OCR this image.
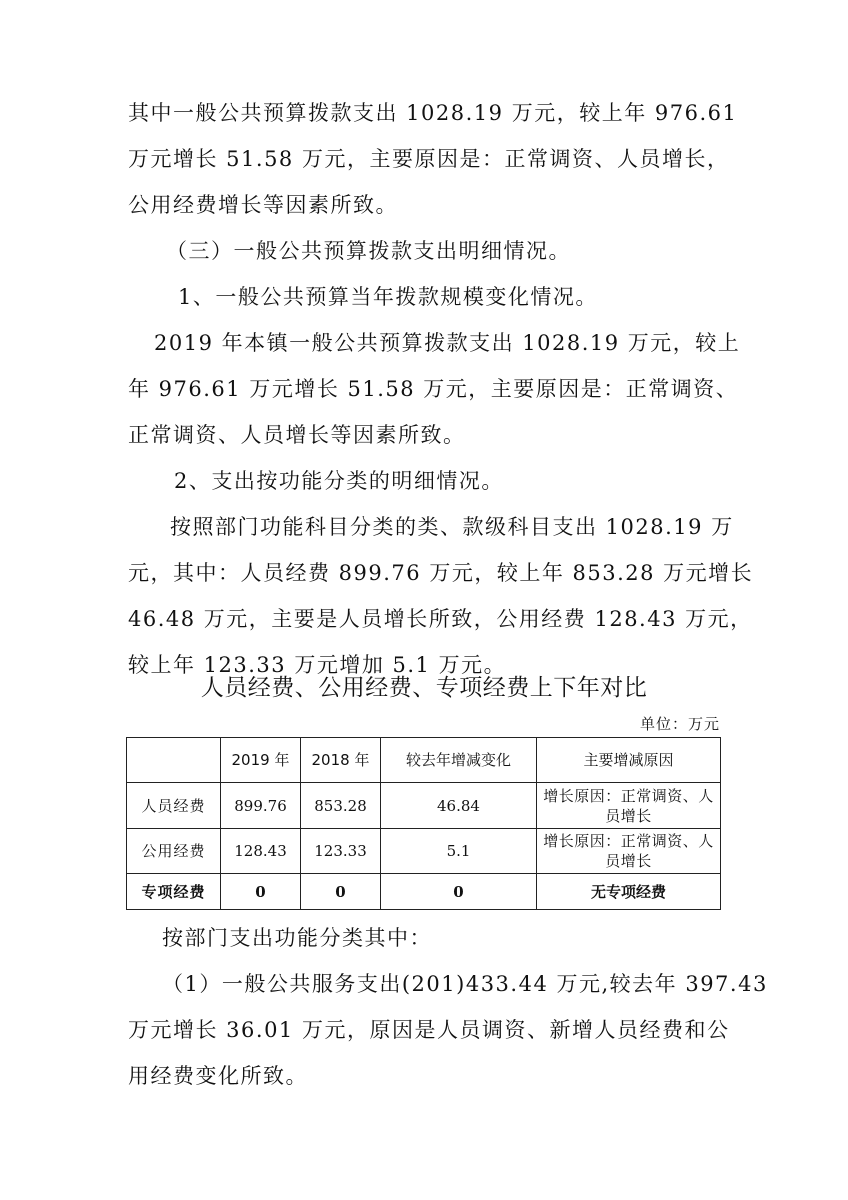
其中一般公共预算拨款支出 1028.19 万元，较上年 976.61
万元增长 51.58 万元，主要原因是：正常调资、人员增长，
公用经费增长等因素所致。
（三）一般公共预算拨款支出明细情况。
1、一般公共预算当年拨款规模变化情况。
2019 年本镇一般公共预算拨款支出 1028.19 万元，较上
年 976.61 万元增长 51.58 万元，主要原因是：正常调资、
正常调资、人员增长等因素所致。
2、支出按功能分类的明细情况。
按照部门功能科目分类的类、款级科目支出 1028.19 万
元，其中：人员经费 899.76 万元，较上年 853.28 万元增长
46.48 万元，主要是人员增长所致，公用经费 128.43 万元，
较上年 123.33 万元增加 5.1 万元。
人员经费、公用经费、专项经费上下年对比
单位：万元
	2019 年	2018 年	较去年增减变化	主要增减原因
人员经费	899.76	853.28	46.84	增长原因：正常调资、人员增长
公用经费	128.43	123.33	5.1	增长原因：正常调资、人员增长
专项经费	0	0	0	无专项经费
按部门支出功能分类其中：
（1）一般公共服务支出(201)433.44 万元,较去年 397.43
万元增长 36.01 万元，原因是人员调资、新增人员经费和公
用经费变化所致。
